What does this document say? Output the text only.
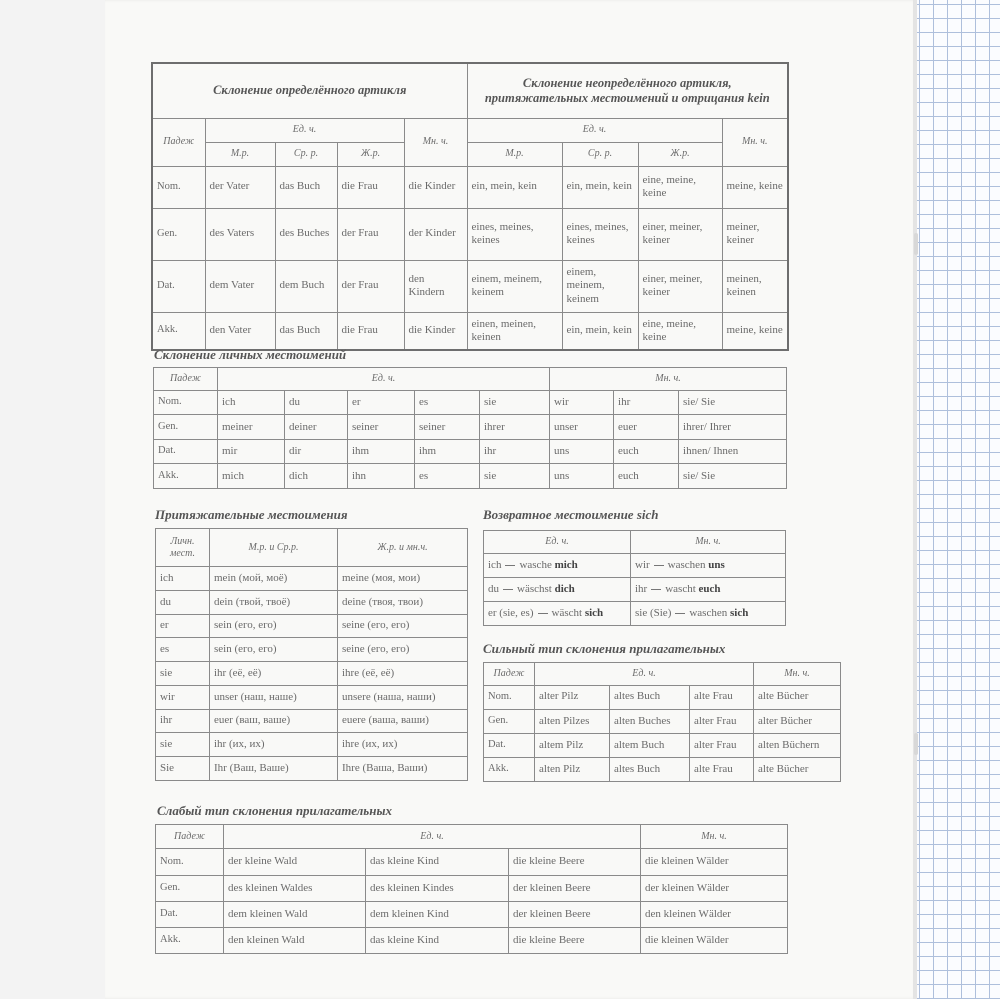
Склонение определённого артикля					Склонение неопределённого артикля, притяжательных местоимений и отрицания kein			
Падеж	Ед. ч.			Мн. ч.	Ед. ч.			Мн. ч.
	М.р.	Ср. р.	Ж.р.		М.р.	Ср. р.	Ж.р.	
Nom.	der Vater	das Buch	die Frau	die Kinder	ein, mein, kein	ein, mein, kein	eine, meine, keine	meine, keine
Gen.	des Vaters	des Buches	der Frau	der Kinder	eines, meines, keines	eines, meines, keines	einer, meiner, keiner	meiner, keiner
Dat.	dem Vater	dem Buch	der Frau	den Kindern	einem, meinem, keinem	einem, meinem, keinem	einer, meiner, keiner	meinen, keinen
Akk.	den Vater	das Buch	die Frau	die Kinder	einen, meinen, keinen	ein, mein, kein	eine, meine, keine	meine, keine
Склонение личных местоимений
Падеж	Ед. ч.					Мн. ч.		
Nom.	ich	du	er	es	sie	wir	ihr	sie/ Sie
Gen.	meiner	deiner	seiner	seiner	ihrer	unser	euer	ihrer/ Ihrer
Dat.	mir	dir	ihm	ihm	ihr	uns	euch	ihnen/ Ihnen
Akk.	mich	dich	ihn	es	sie	uns	euch	sie/ Sie
Притяжательные местоимения
Личн. мест.	М.р. и Ср.р.	Ж.р. и мн.ч.
ich	mein (мой, моё)	meine (моя, мои)
du	dein (твой, твоё)	deine (твоя, твои)
er	sein (его, его)	seine (его, его)
es	sein (его, его)	seine (его, его)
sie	ihr (её, её)	ihre (её, её)
wir	unser (наш, наше)	unsere (наша, наши)
ihr	euer (ваш, ваше)	euere (ваша, ваши)
sie	ihr (их, их)	ihre (их, их)
Sie	Ihr (Ваш, Ваше)	Ihre (Ваша, Ваши)
Возвратное местоимение sich
Ед. ч.	Мн. ч.
ich wasche mich	wir waschen uns
du wäschst dich	ihr wascht euch
er (sie, es) wäscht sich	sie (Sie) waschen sich
Сильный тип склонения прилагательных
Падеж	Ед. ч.			Мн. ч.
Nom.	alter Pilz	altes Buch	alte Frau	alte Bücher
Gen.	alten Pilzes	alten Buches	alter Frau	alter Bücher
Dat.	altem Pilz	altem Buch	alter Frau	alten Büchern
Akk.	alten Pilz	altes Buch	alte Frau	alte Bücher
Слабый тип склонения прилагательных
Падеж	Ед. ч.			Мн. ч.
Nom.	der kleine Wald	das kleine Kind	die kleine Beere	die kleinen Wälder
Gen.	des kleinen Waldes	des kleinen Kindes	der kleinen Beere	der kleinen Wälder
Dat.	dem kleinen Wald	dem kleinen Kind	der kleinen Beere	den kleinen Wälder
Akk.	den kleinen Wald	das kleine Kind	die kleine Beere	die kleinen Wälder
